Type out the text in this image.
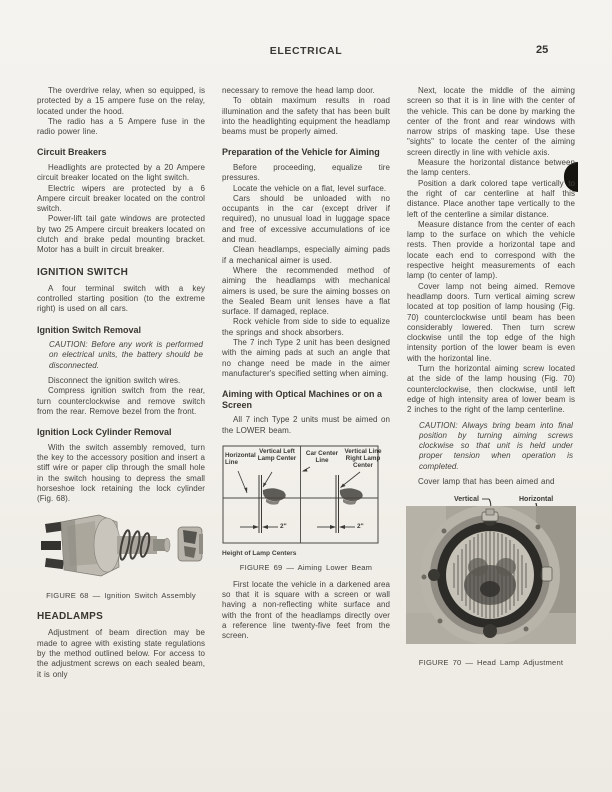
ELECTRICAL	25

The overdrive relay, when so equipped, is protected by a 15 ampere fuse on the relay, located under the hood.

The radio has a 5 Ampere fuse in the radio power line.

Circuit Breakers

Headlights are protected by a 20 Ampere circuit breaker located on the light switch.

Electric wipers are protected by a 6 Ampere circuit breaker located on the control switch.

Power-lift tail gate windows are protected by two 25 Ampere circuit breakers located on clutch and brake pedal mounting bracket. Motor has a built in circuit breaker.

IGNITION SWITCH

A four terminal switch with a key controlled starting position (to the extreme right) is used on all cars.

Ignition Switch Removal

CAUTION: Before any work is performed on electrical units, the battery should be disconnected.

Disconnect the ignition switch wires.

Compress ignition switch from the rear, turn counterclockwise and remove switch from the rear. Remove bezel from the front.

Ignition Lock Cylinder Removal

With the switch assembly removed, turn the key to the accessory position and insert a stiff wire or paper clip through the small hole in the switch housing to depress the small horseshoe lock retaining the lock cylinder (Fig. 68).

FIGURE 68 — Ignition Switch Assembly
HEADLAMPS

Adjustment of beam direction may be made to agree with existing state regulations by the method outlined below. For access to the adjustment screws on each sealed beam, it is only

necessary to remove the head lamp door.

To obtain maximum results in road illumination and the safety that has been built into the headlighting equipment the headlamp beams must be properly aimed.

Preparation of the Vehicle for Aiming

Before proceeding, equalize tire pressures.

Locate the vehicle on a flat, level surface.

Cars should be unloaded with no occupants in the car (except driver if required), no unusual load in luggage space and free of excessive accumulations of ice and mud.

Clean headlamps, especially aiming pads if a mechanical aimer is used.

Where the recommended method of aiming the headlamps with mechanical aimers is used, be sure the aiming bosses on the Sealed Beam unit lenses have a flat surface. If damaged, replace.

Rock vehicle from side to side to equalize the springs and shock absorbers.

The 7 inch Type 2 unit has been designed with the aiming pads at such an angle that no change need be made in the aimer manufacturer's specified setting when aiming.

Aiming with Optical Machines or on a Screen

All 7 inch Type 2 units must be aimed on the LOWER beam.

Horizontal Line
Vertical Left Lamp Center
Car Center Line
Vertical Line Right Lamp Center
2"	2"
Height of Lamp Centers
FIGURE 69 — Aiming Lower Beam

First locate the vehicle in a darkened area so that it is square with a screen or wall having a non-reflecting white surface and with the front of the headlamps directly over a reference line twenty-five feet from the screen.

Next, locate the middle of the aiming screen so that it is in line with the center of the vehicle. This can be done by marking the center of the front and rear windows with narrow strips of masking tape. Use these "sights" to locate the center of the aiming screen directly in line with vehicle axis.

Measure the horizontal distance between the lamp centers.

Position a dark colored tape vertically to the right of car centerline at half this distance. Place another tape vertically to the left of the centerline a similar distance.

Measure distance from the center of each lamp to the surface on which the vehicle rests. Then provide a horizontal tape and locate each end to correspond with the respective height measurements of each lamp (to center of lamp).

Cover lamp not being aimed. Remove headlamp doors. Turn vertical aiming screw located at top position of lamp housing (Fig. 70) counterclockwise until beam has been considerably lowered. Then turn screw clockwise until the top edge of the high intensity portion of the lower beam is even with the horizontal line.

Turn the horizontal aiming screw located at the side of the lamp housing (Fig. 70) counterclockwise, then clockwise, until left edge of high intensity area of lower beam is 2 inches to the right of the lamp centerline.

CAUTION: Always bring beam into final position by turning aiming screws clockwise so that unit is held under proper tension when operation is completed.

Cover lamp that has been aimed and

Vertical	Horizontal
FIGURE 70 — Head Lamp Adjustment
